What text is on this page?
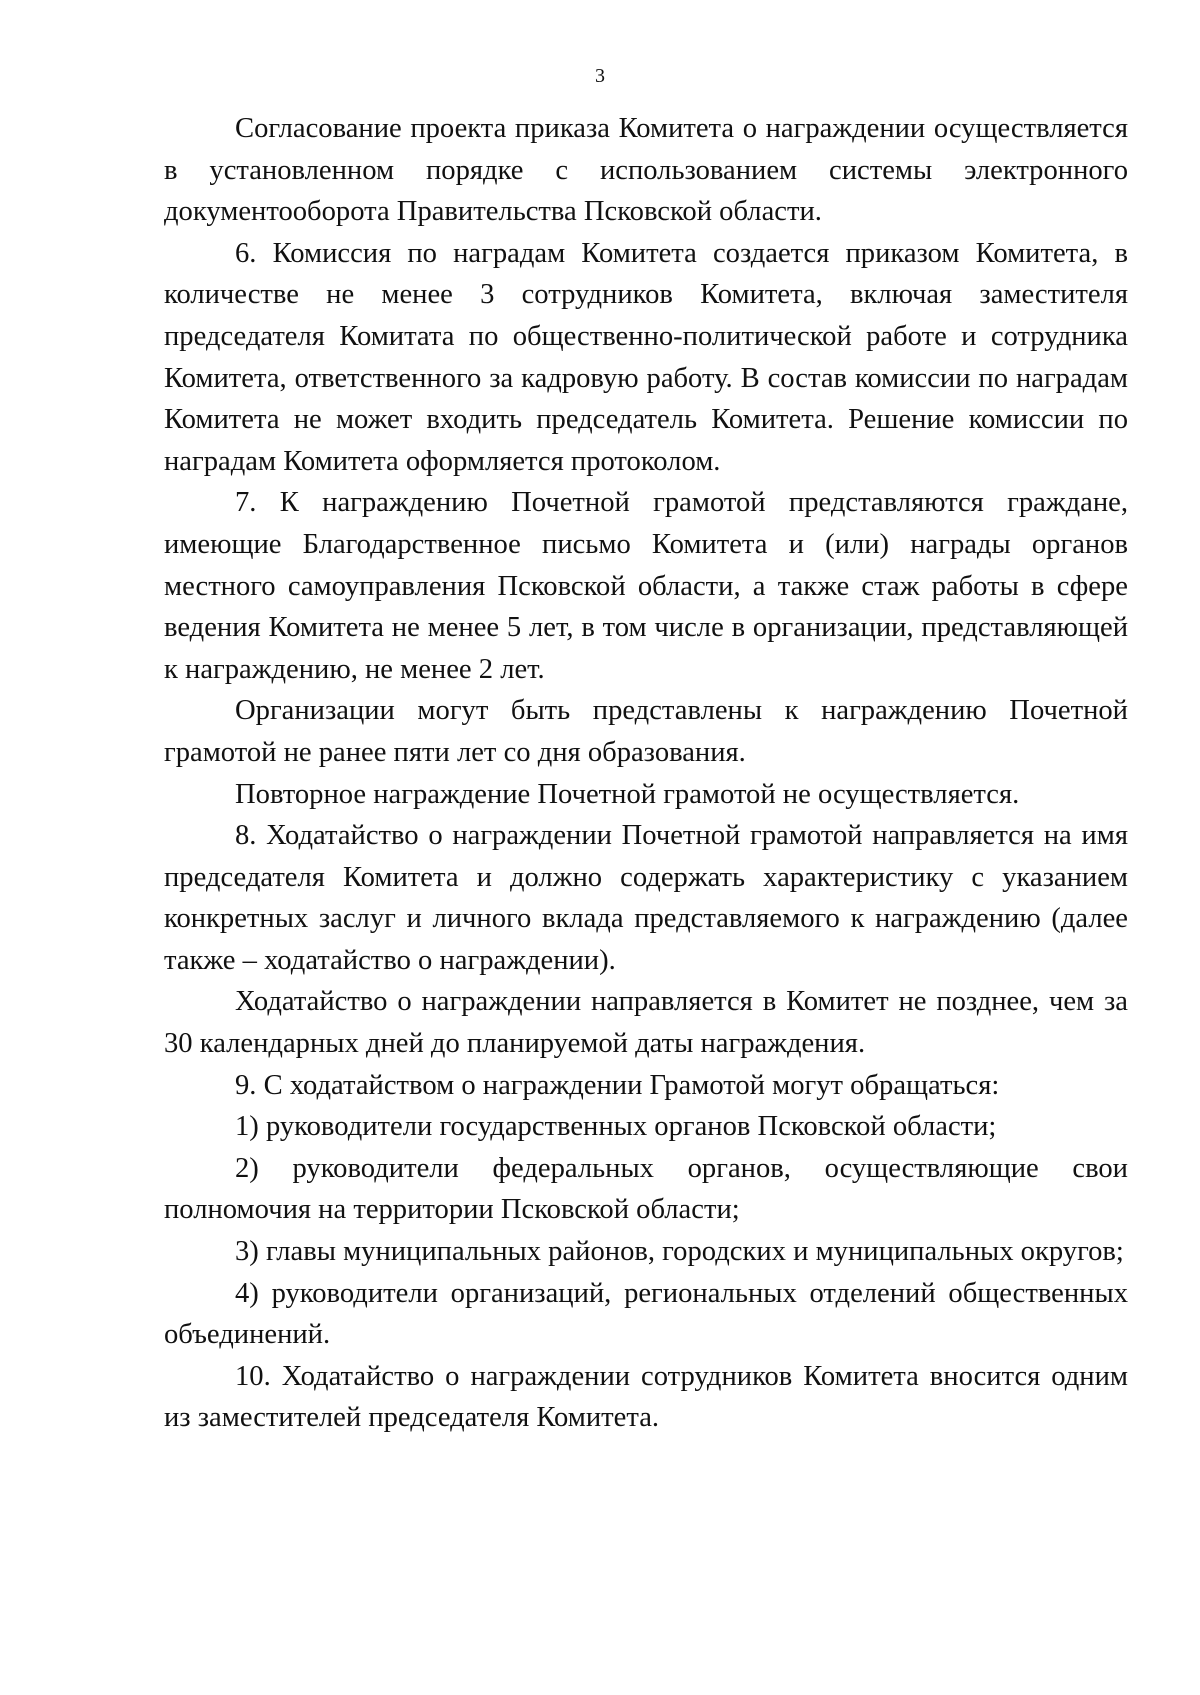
3

Согласование проекта приказа Комитета о награждении осуществляется в установленном порядке с использованием системы электронного документооборота Правительства Псковской области.

6. Комиссия по наградам Комитета создается приказом Комитета, в количестве не менее 3 сотрудников Комитета, включая заместителя председателя Комитата по общественно-политической работе и сотрудника Комитета, ответственного за кадровую работу. В состав комиссии по наградам Комитета не может входить председатель Комитета. Решение комиссии по наградам Комитета оформляется протоколом.

7. К награждению Почетной грамотой представляются граждане, имеющие Благодарственное письмо Комитета и (или) награды органов местного самоуправления Псковской области, а также стаж работы в сфере ведения Комитета не менее 5 лет, в том числе в организации, представляющей к награждению, не менее 2 лет.

Организации могут быть представлены к награждению Почетной грамотой не ранее пяти лет со дня образования.

Повторное награждение Почетной грамотой не осуществляется.

8. Ходатайство о награждении Почетной грамотой направляется на имя председателя Комитета и должно содержать характеристику с указанием конкретных заслуг и личного вклада представляемого к награждению (далее также – ходатайство о награждении).

Ходатайство о награждении направляется в Комитет не позднее, чем за 30 календарных дней до планируемой даты награждения.

9. С ходатайством о награждении Грамотой могут обращаться:

1) руководители государственных органов Псковской области;

2) руководители федеральных органов, осуществляющие свои полномочия на территории Псковской области;

3) главы муниципальных районов, городских и муниципальных округов;

4) руководители организаций, региональных отделений общественных объединений.

10. Ходатайство о награждении сотрудников Комитета вносится одним из заместителей председателя Комитета.
